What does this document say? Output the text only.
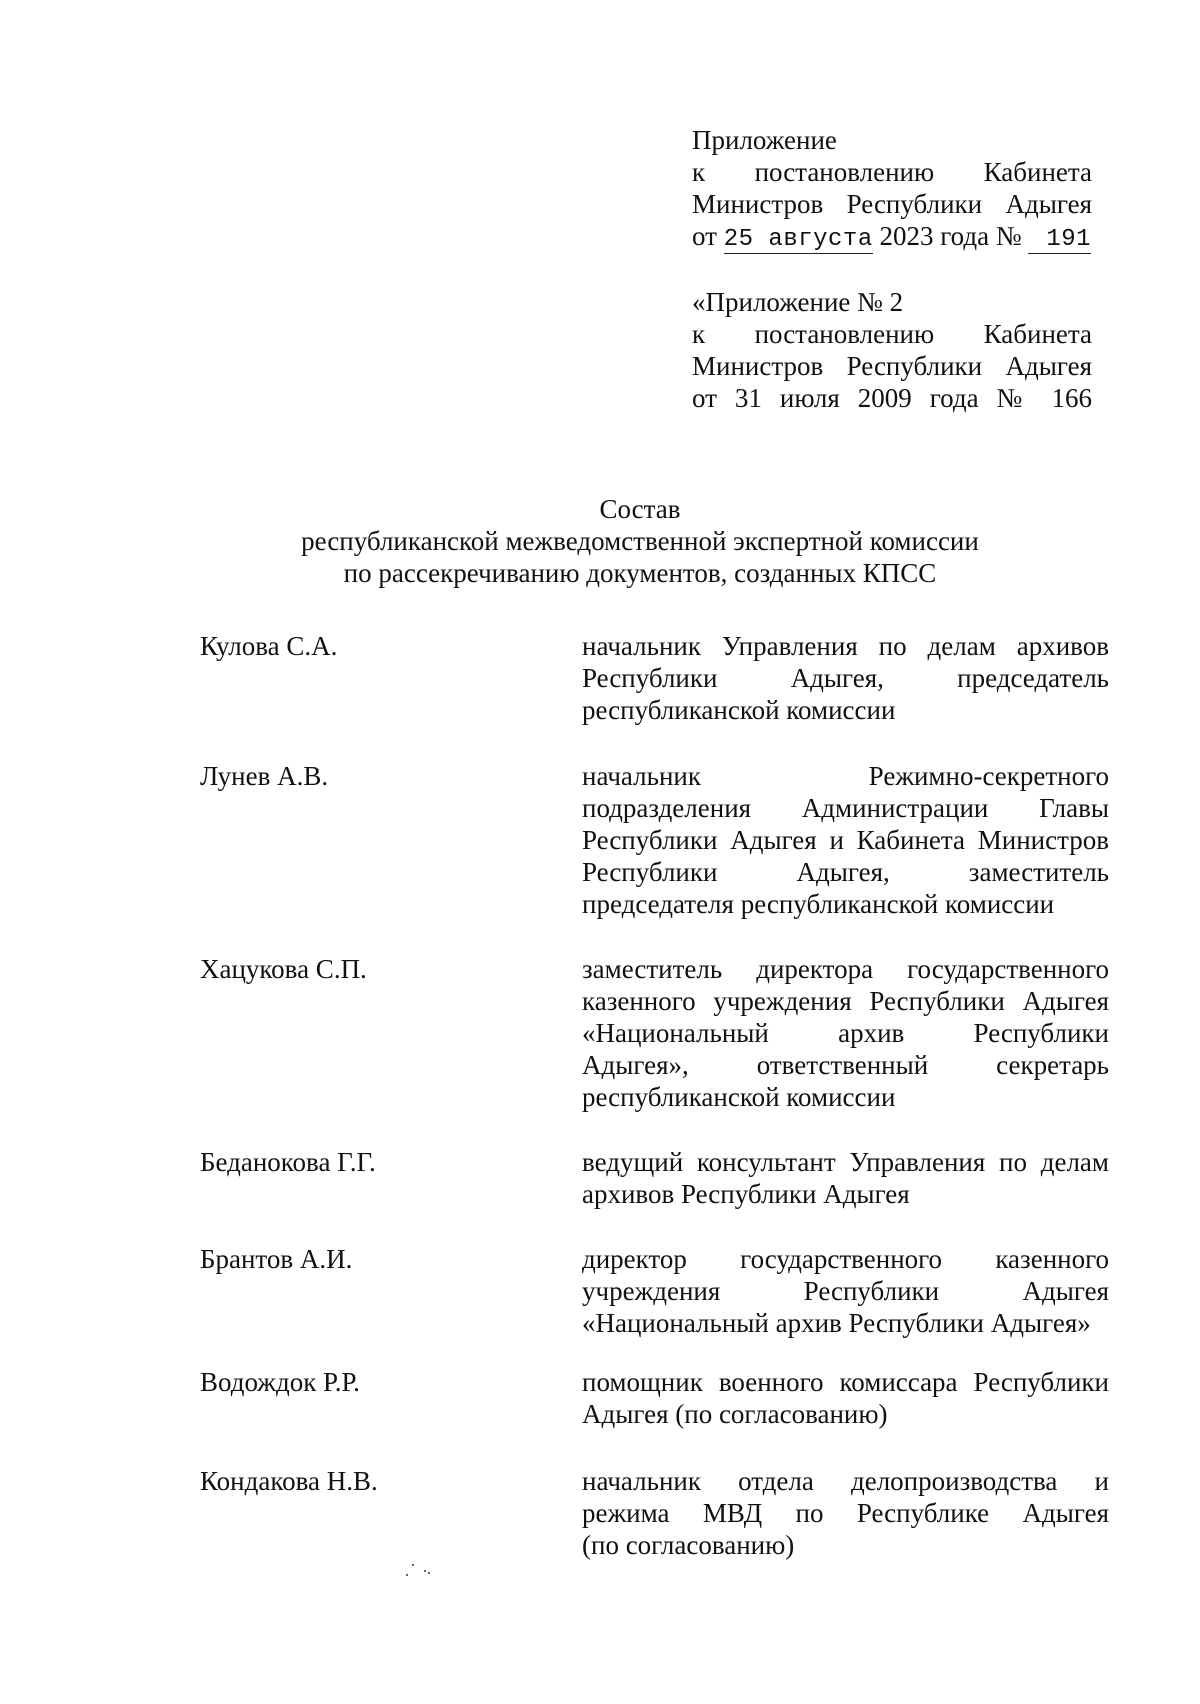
Приложение
к постановлению Кабинета
Министров Республики Адыгея
от 25 августа 2023 года № 191
«Приложение № 2
к постановлению Кабинета
Министров Республики Адыгея
от 31 июля 2009 года № 166
Состав
республиканской межведомственной экспертной комиссии
по рассекречиванию документов, созданных КПСС
Кулова С.А.	начальник Управления по делам архивов
Республики Адыгея, председатель
республиканской комиссии
Лунев А.В.	начальник Режимно-секретного
подразделения Администрации Главы
Республики Адыгея и Кабинета Министров
Республики Адыгея, заместитель
председателя республиканской комиссии
Хацукова С.П.	заместитель директора государственного
казенного учреждения Республики Адыгея
«Национальный архив Республики
Адыгея», ответственный секретарь
республиканской комиссии
Беданокова Г.Г.	ведущий консультант Управления по делам
архивов Республики Адыгея
Брантов А.И.	директор государственного казенного
учреждения Республики Адыгея
«Национальный архив Республики Адыгея»
Водождок Р.Р.	помощник военного комиссара Республики
Адыгея (по согласованию)
Кондакова Н.В.	начальник отдела делопроизводства и
режима МВД по Республике Адыгея
(по согласованию)
